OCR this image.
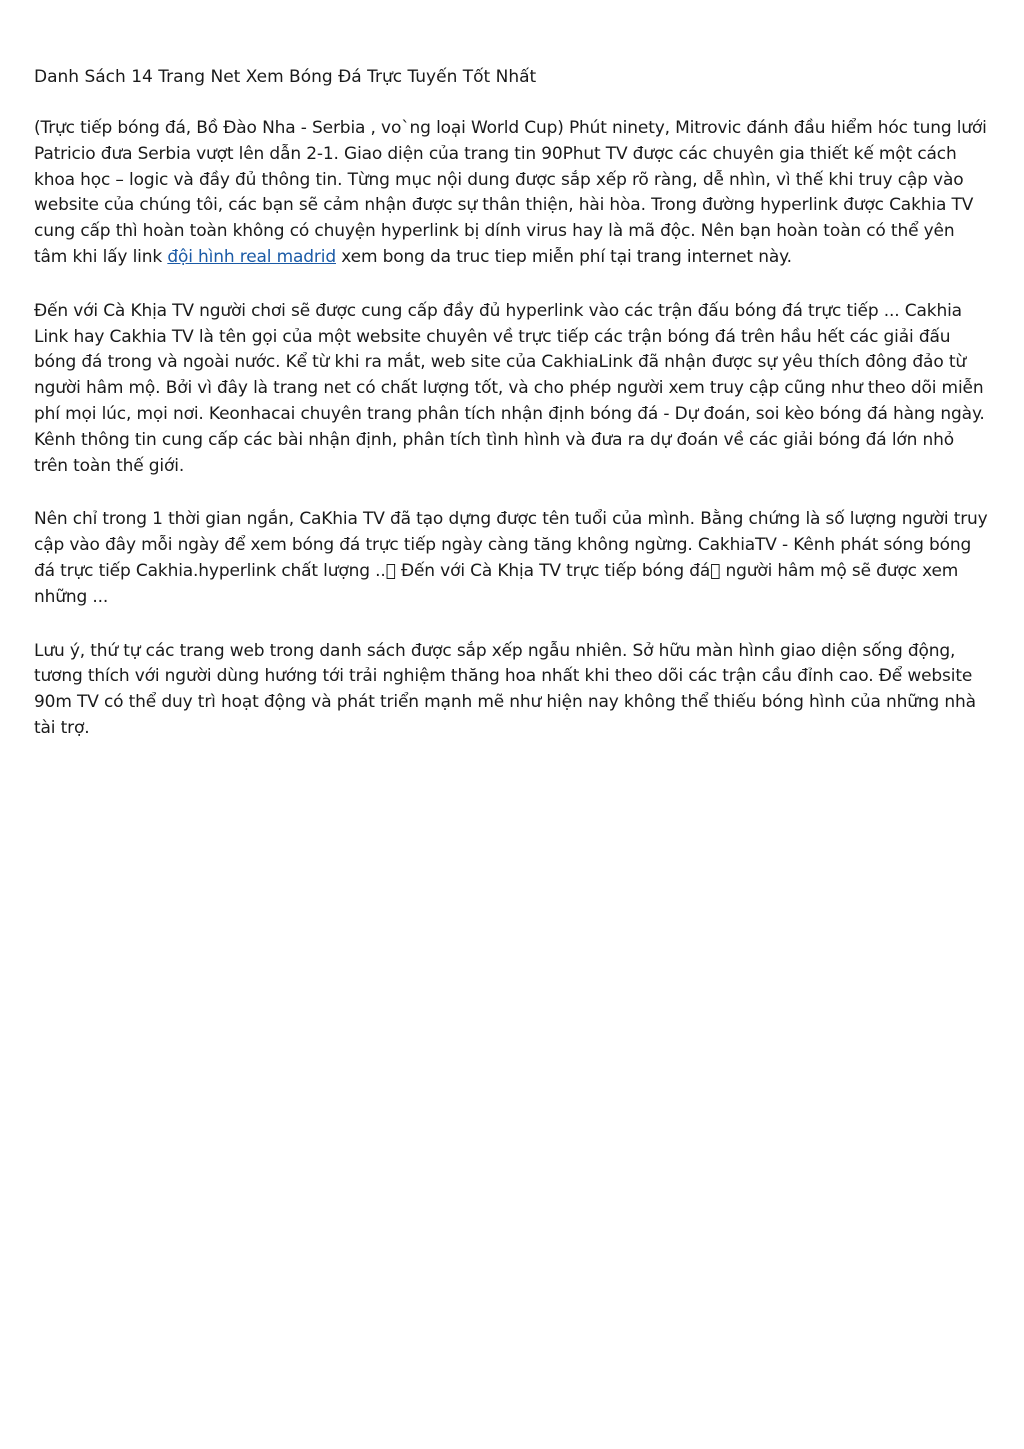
Danh Sách 14 Trang Net Xem Bóng Đá Trực Tuyến Tốt Nhất

(Trực tiếp bóng đá, Bồ Đào Nha - Serbia , vo`ng loa̩i World Cup) Phút ninety, Mitrovic đánh đầu hiểm hóc tung lưới Patricio đưa Serbia vượt lên dẫn 2-1. Giao diện của trang tin 90Phut TV được các chuyên gia thiết kế một cách khoa học – logic và đầy đủ thông tin. Từng mục nội dung được sắp xếp rõ ràng, dễ nhìn, vì thế khi truy cập vào website của chúng tôi, các bạn sẽ cảm nhận được sự thân thiện, hài hòa. Trong đường hyperlink được Cakhia TV cung cấp thì hoàn toàn không có chuyện hyperlink bị dính virus hay là mã độc. Nên bạn hoàn toàn có thể yên tâm khi lấy link đội hình real madrid xem bong da truc tiep miễn phí tại trang internet này.

Đến với Cà Khịa TV người chơi sẽ được cung cấp đầy đủ hyperlink vào các trận đấu bóng đá trực tiếp ... Cakhia Link hay Cakhia TV là tên gọi của một website chuyên về trực tiếp các trận bóng đá trên hầu hết các giải đấu bóng đá trong và ngoài nước. Kể từ khi ra mắt, web site của CakhiaLink đã nhận được sự yêu thích đông đảo từ người hâm mộ. Bởi vì đây là trang net có chất lượng tốt, và cho phép người xem truy cập cũng như theo dõi miễn phí mọi lúc, mọi nơi. Keonhacai chuyên trang phân tích nhận định bóng đá - Dự đoán, soi kèo bóng đá hàng ngày. Kênh thông tin cung cấp các bài nhận định, phân tích tình hình và đưa ra dự đoán về các giải bóng đá lớn nhỏ trên toàn thế giới.

Nên chỉ trong 1 thời gian ngắn, CaKhia TV đã tạo dựng được tên tuổi của mình. Bằng chứng là số lượng người truy cập vào đây mỗi ngày để xem bóng đá trực tiếp ngày càng tăng không ngừng. CakhiaTV - Kênh phát sóng bóng đá trực tiếp Cakhia.hyperlink chất lượng ..􏰀 Đến với Cà Khịa TV trực tiếp bóng đá􏰀 người hâm mộ sẽ được xem những ...

Lưu ý, thứ tự các trang web trong danh sách được sắp xếp ngẫu nhiên. Sở hữu màn hình giao diện sống động, tương thích với người dùng hướng tới trải nghiệm thăng hoa nhất khi theo dõi các trận cầu đỉnh cao. Để website 90m TV có thể duy trì hoạt động và phát triển mạnh mẽ như hiện nay không thể thiếu bóng hình của những nhà tài trợ.
